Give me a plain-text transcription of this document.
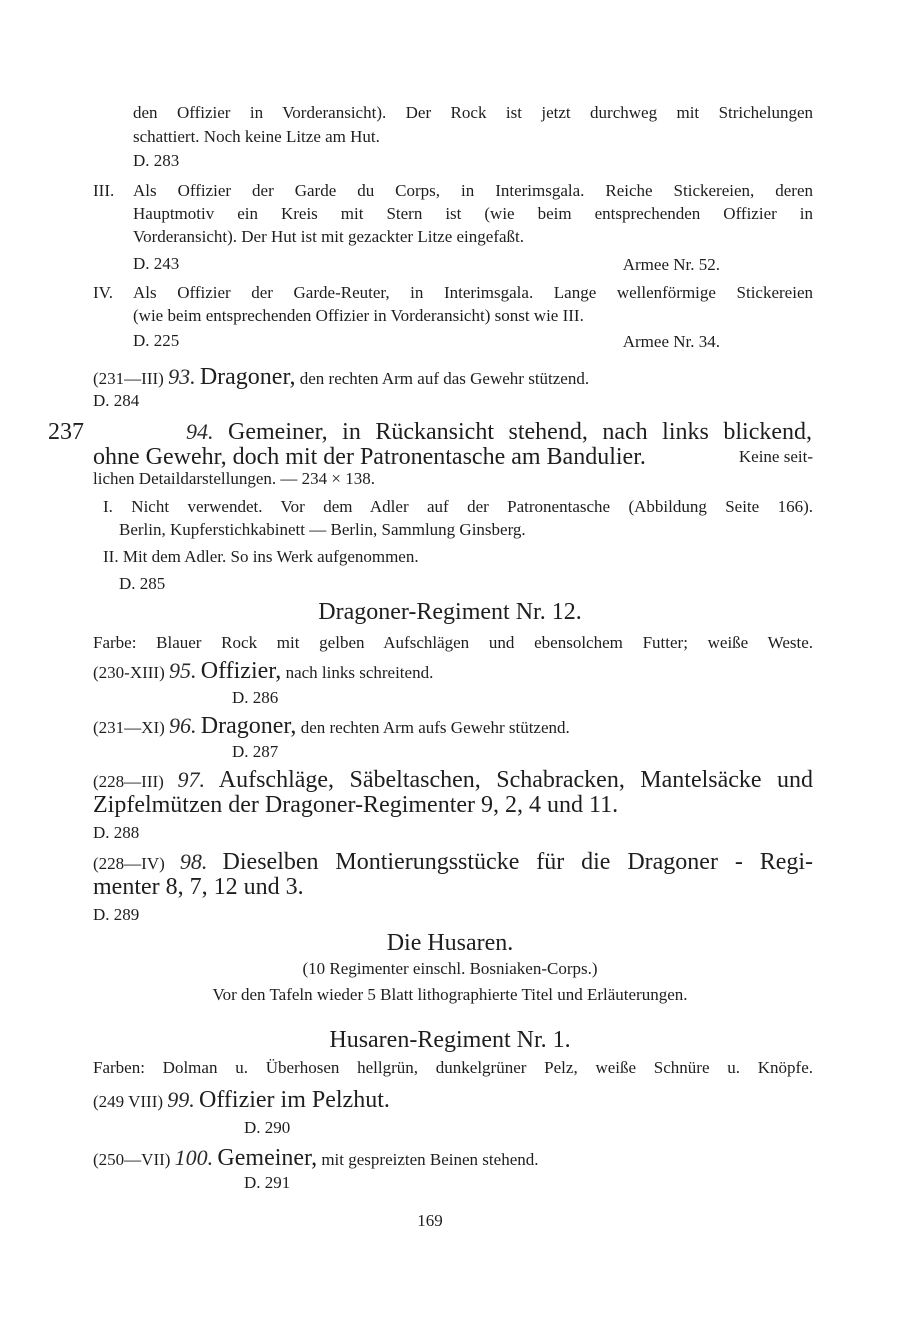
den Offizier in Vorderansicht). Der Rock ist jetzt durchweg mit Strichelungen
schattiert. Noch keine Litze am Hut.
D. 283
III. Als Offizier der Garde du Corps, in Interimsgala. Reiche Stickereien, deren
Hauptmotiv ein Kreis mit Stern ist (wie beim entsprechenden Offizier in
Vorderansicht). Der Hut ist mit gezackter Litze eingefaßt.
D. 243	Armee Nr. 52.
IV. Als Offizier der Garde-Reuter, in Interimsgala. Lange wellenförmige Stickereien
(wie beim entsprechenden Offizier in Vorderansicht) sonst wie III.
D. 225	Armee Nr. 34.
(231—III) 93. Dragoner, den rechten Arm auf das Gewehr stützend.
D. 284
237	94. Gemeiner, in Rückansicht stehend, nach links blickend,
ohne Gewehr, doch mit der Patronentasche am Bandulier.	Keine seit-
lichen Detaildarstellungen. — 234 × 138.
I. Nicht verwendet. Vor dem Adler auf der Patronentasche (Abbildung Seite 166).
Berlin, Kupferstichkabinett — Berlin, Sammlung Ginsberg.
II. Mit dem Adler. So ins Werk aufgenommen.
D. 285
Dragoner-Regiment Nr. 12.
Farbe: Blauer Rock mit gelben Aufschlägen und ebensolchem Futter; weiße Weste.
(230-XIII) 95. Offizier, nach links schreitend.
D. 286
(231—XI) 96. Dragoner, den rechten Arm aufs Gewehr stützend.
D. 287
(228—III) 97. Aufschläge, Säbeltaschen, Schabracken, Mantelsäcke und
Zipfelmützen der Dragoner-Regimenter 9, 2, 4 und 11.
D. 288
(228—IV) 98. Dieselben Montierungsstücke für die Dragoner - Regi-
menter 8, 7, 12 und 3.
D. 289
Die Husaren.
(10 Regimenter einschl. Bosniaken-Corps.)
Vor den Tafeln wieder 5 Blatt lithographierte Titel und Erläuterungen.
Husaren-Regiment Nr. 1.
Farben: Dolman u. Überhosen hellgrün, dunkelgrüner Pelz, weiße Schnüre u. Knöpfe.
(249 VIII) 99. Offizier im Pelzhut.
D. 290
(250—VII) 100. Gemeiner, mit gespreizten Beinen stehend.
D. 291
169
